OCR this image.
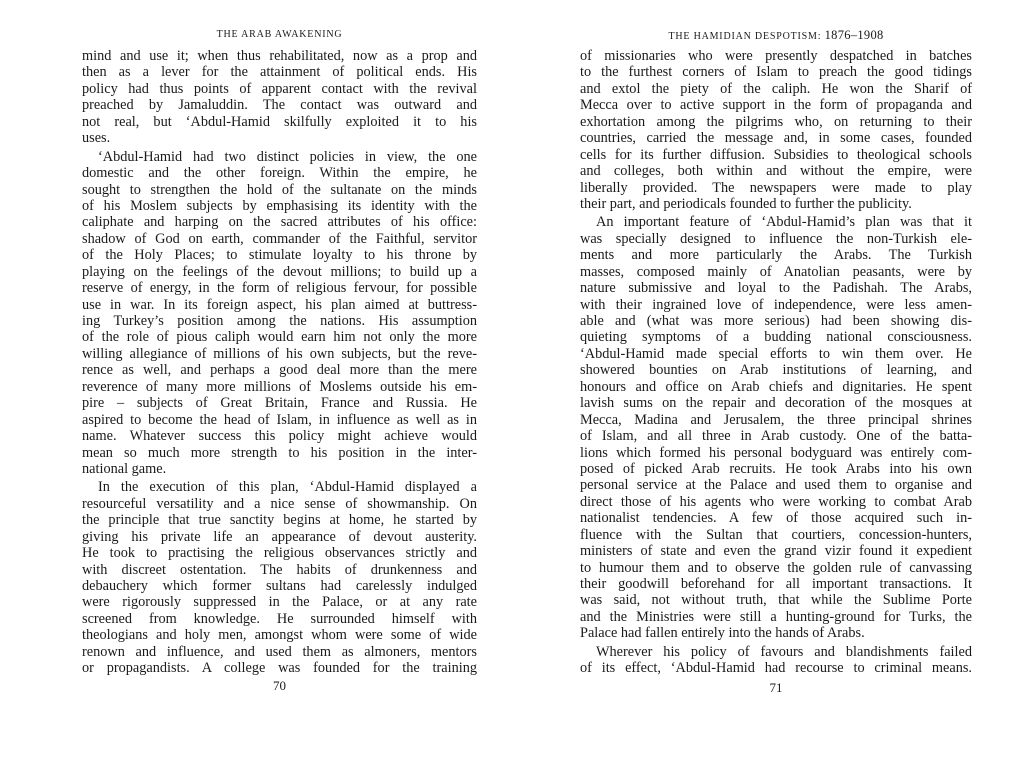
THE ARAB AWAKENING
mind and use it; when thus rehabilitated, now as a prop and
then as a lever for the attainment of political ends. His
policy had thus points of apparent contact with the revival
preached by Jamaluddin. The contact was outward and
not real, but ‘Abdul-Hamid skilfully exploited it to his
uses.
‘Abdul-Hamid had two distinct policies in view, the one
domestic and the other foreign. Within the empire, he
sought to strengthen the hold of the sultanate on the minds
of his Moslem subjects by emphasising its identity with the
caliphate and harping on the sacred attributes of his office:
shadow of God on earth, commander of the Faithful, servitor
of the Holy Places; to stimulate loyalty to his throne by
playing on the feelings of the devout millions; to build up a
reserve of energy, in the form of religious fervour, for possible
use in war. In its foreign aspect, his plan aimed at buttress-
ing Turkey’s position among the nations. His assumption
of the role of pious caliph would earn him not only the more
willing allegiance of millions of his own subjects, but the reve-
rence as well, and perhaps a good deal more than the mere
reverence of many more millions of Moslems outside his em-
pire – subjects of Great Britain, France and Russia. He
aspired to become the head of Islam, in influence as well as in
name. Whatever success this policy might achieve would
mean so much more strength to his position in the inter-
national game.
In the execution of this plan, ‘Abdul-Hamid displayed a
resourceful versatility and a nice sense of showmanship. On
the principle that true sanctity begins at home, he started by
giving his private life an appearance of devout austerity.
He took to practising the religious observances strictly and
with discreet ostentation. The habits of drunkenness and
debauchery which former sultans had carelessly indulged
were rigorously suppressed in the Palace, or at any rate
screened from knowledge. He surrounded himself with
theologians and holy men, amongst whom were some of wide
renown and influence, and used them as almoners, mentors
or propagandists. A college was founded for the training
70
THE HAMIDIAN DESPOTISM: 1876–1908
of missionaries who were presently despatched in batches
to the furthest corners of Islam to preach the good tidings
and extol the piety of the caliph. He won the Sharif of
Mecca over to active support in the form of propaganda and
exhortation among the pilgrims who, on returning to their
countries, carried the message and, in some cases, founded
cells for its further diffusion. Subsidies to theological schools
and colleges, both within and without the empire, were
liberally provided. The newspapers were made to play
their part, and periodicals founded to further the publicity.
An important feature of ‘Abdul-Hamid’s plan was that it
was specially designed to influence the non-Turkish ele-
ments and more particularly the Arabs. The Turkish
masses, composed mainly of Anatolian peasants, were by
nature submissive and loyal to the Padishah. The Arabs,
with their ingrained love of independence, were less amen-
able and (what was more serious) had been showing dis-
quieting symptoms of a budding national consciousness.
‘Abdul-Hamid made special efforts to win them over. He
showered bounties on Arab institutions of learning, and
honours and office on Arab chiefs and dignitaries. He spent
lavish sums on the repair and decoration of the mosques at
Mecca, Madina and Jerusalem, the three principal shrines
of Islam, and all three in Arab custody. One of the batta-
lions which formed his personal bodyguard was entirely com-
posed of picked Arab recruits. He took Arabs into his own
personal service at the Palace and used them to organise and
direct those of his agents who were working to combat Arab
nationalist tendencies. A few of those acquired such in-
fluence with the Sultan that courtiers, concession-hunters,
ministers of state and even the grand vizir found it expedient
to humour them and to observe the golden rule of canvassing
their goodwill beforehand for all important transactions. It
was said, not without truth, that while the Sublime Porte
and the Ministries were still a hunting-ground for Turks, the
Palace had fallen entirely into the hands of Arabs.
Wherever his policy of favours and blandishments failed
of its effect, ‘Abdul-Hamid had recourse to criminal means.
71
